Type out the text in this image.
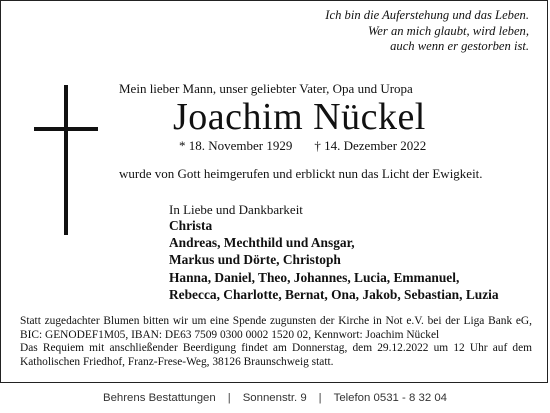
Ich bin die Auferstehung und das Leben.
Wer an mich glaubt, wird leben,
auch wenn er gestorben ist.
Mein lieber Mann, unser geliebter Vater, Opa und Uropa
Joachim Nückel
* 18. November 1929 † 14. Dezember 2022
wurde von Gott heimgerufen und erblickt nun das Licht der Ewigkeit.
In Liebe und Dankbarkeit
Christa
Andreas, Mechthild und Ansgar,
Markus und Dörte, Christoph
Hanna, Daniel, Theo, Johannes, Lucia, Emmanuel,
Rebecca, Charlotte, Bernat, Ona, Jakob, Sebastian, Luzia

Statt zugedachter Blumen bitten wir um eine Spende zugunsten der Kirche in Not e.V. bei der Liga Bank eG, BIC: GENODEF1M05, IBAN: DE63 7509 0300 0002 1520 02, Kennwort: Joachim Nückel

Das Requiem mit anschließender Beerdigung findet am Donnerstag, dem 29.12.2022 um 12 Uhr auf dem Katholischen Friedhof, Franz-Frese-Weg, 38126 Braunschweig statt.

Behrens Bestattungen | Sonnenstr. 9 | Telefon 0531 - 8 32 04
